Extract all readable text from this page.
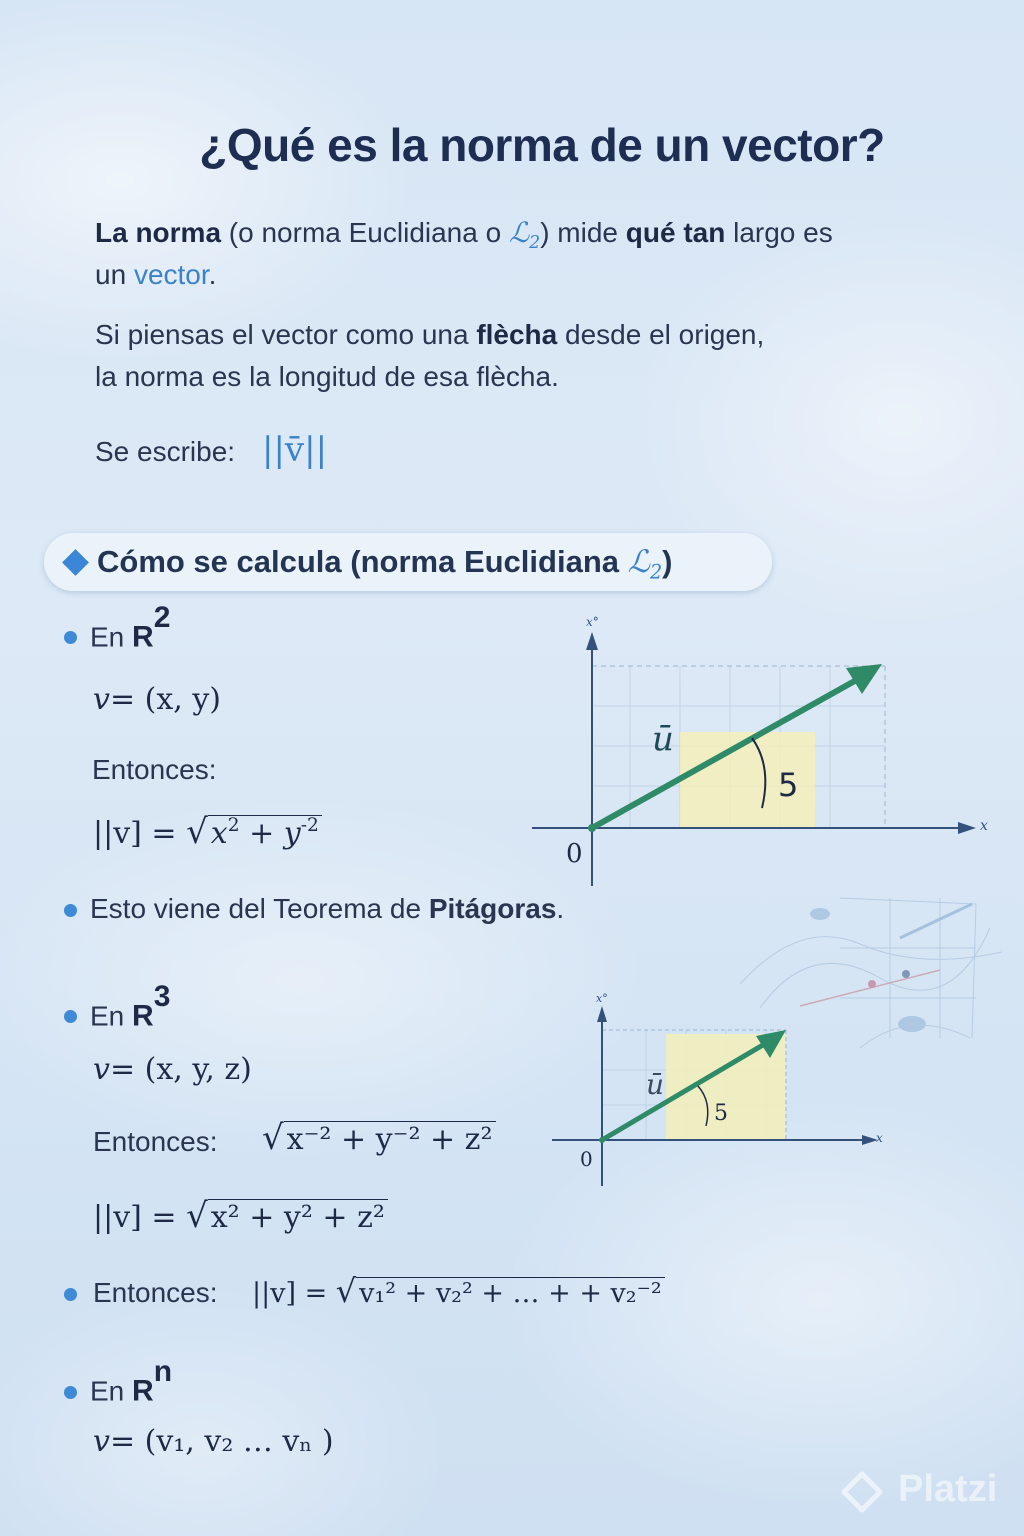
¿Qué es la norma de un vector?
La norma (o norma Euclidiana o ℒ$_2$) mide qué tan largo es
un vector.
Si piensas el vector como una flècha desde el origen,
la norma es la longitud de esa flècha.
Se escribe: ||v̄||
Cómo se calcula (norma Euclidiana ℒ$_2$)
En $R^2$
v= (x, y)
Entonces:
||v] = √ $x^2 + y^{-2}$
Esto viene del Teorema de Pitágoras.
En $R^3$
v= (x, y, z)
Entonces: √ x⁻² + y⁻² + z²
||v] = √ x² + y² + z²
Entonces: ||v] = √ v₁² + v₂² + … + + v₂⁻²
En $R^n$
v= (v₁, v₂ … vₙ )
x°
x
0
ū
5
x°
x
0
ū
5
Platzi
